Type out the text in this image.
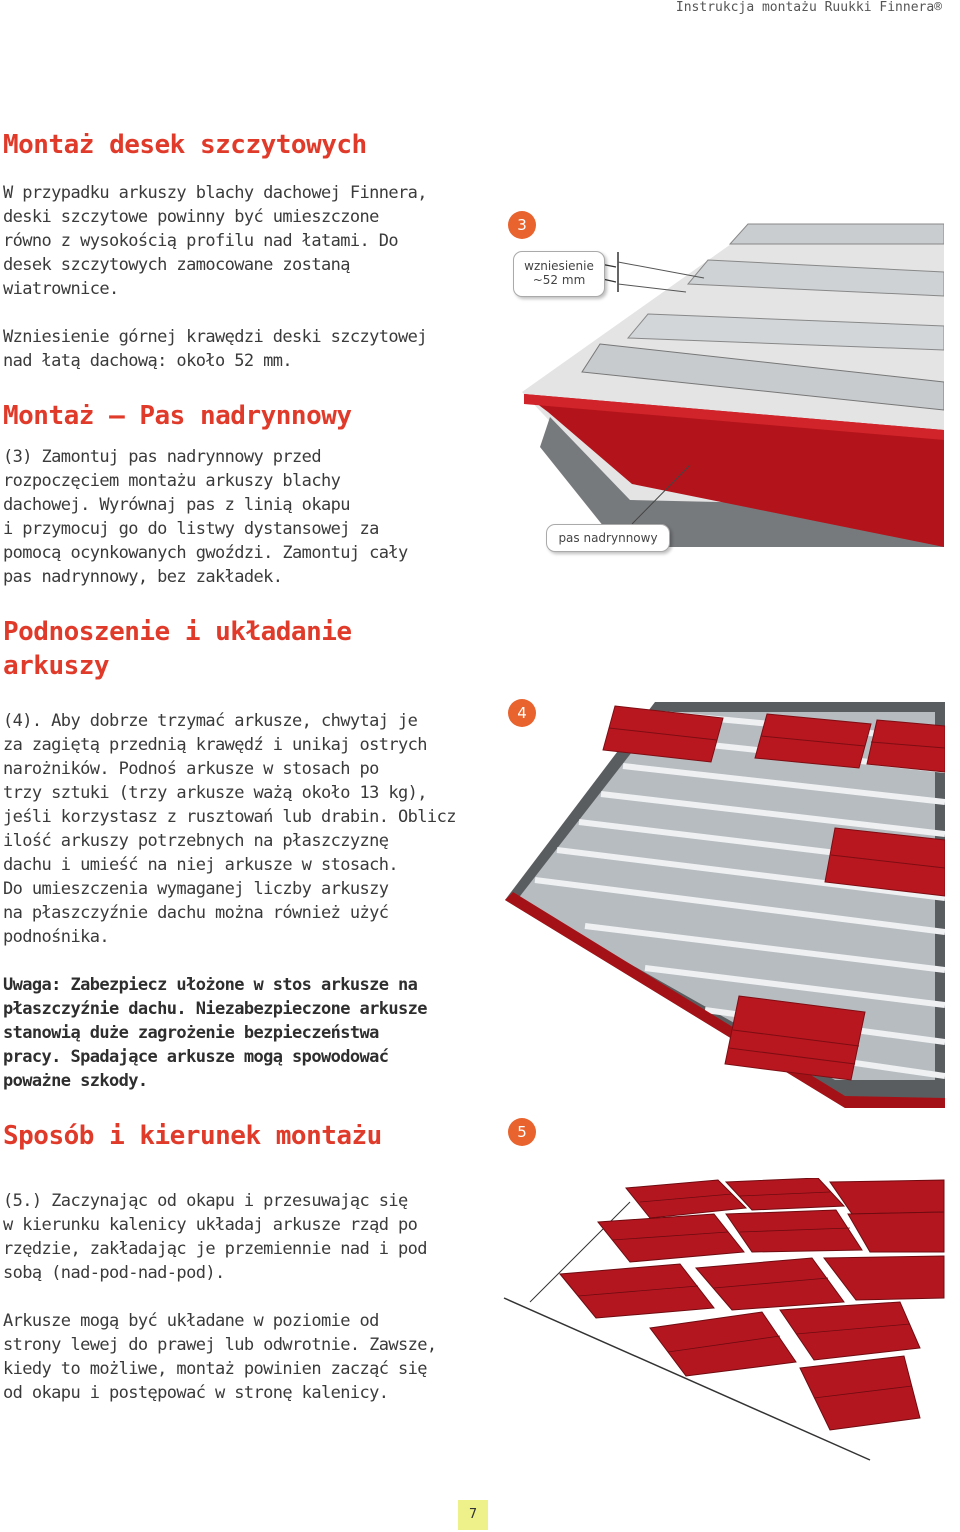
Instrukcja montażu Ruukki Finnera®
Montaż desek szczytowych

W przypadku arkuszy blachy dachowej Finnera,
deski szczytowe powinny być umieszczone
równo z wysokością profilu nad łatami. Do
desek szczytowych zamocowane zostaną
wiatrownice.

Wzniesienie górnej krawędzi deski szczytowej
nad łatą dachową: około 52 mm.

Montaż – Pas nadrynnowy

(3) Zamontuj pas nadrynnowy przed
rozpoczęciem montażu arkuszy blachy
dachowej. Wyrównaj pas z linią okapu
i przymocuj go do listwy dystansowej za
pomocą ocynkowanych gwoździ. Zamontuj cały
pas nadrynnowy, bez zakładek.

Podnoszenie i układanie
arkuszy

(4). Aby dobrze trzymać arkusze, chwytaj je
za zagiętą przednią krawędź i unikaj ostrych
narożników. Podnoś arkusze w stosach po
trzy sztuki (trzy arkusze ważą około 13 kg),
jeśli korzystasz z rusztowań lub drabin. Oblicz
ilość arkuszy potrzebnych na płaszczyznę
dachu i umieść na niej arkusze w stosach.
Do umieszczenia wymaganej liczby arkuszy
na płaszczyźnie dachu można również użyć
podnośnika.

Uwaga: Zabezpiecz ułożone w stos arkusze na
płaszczyźnie dachu. Niezabezpieczone arkusze
stanowią duże zagrożenie bezpieczeństwa
pracy. Spadające arkusze mogą spowodować
poważne szkody.

Sposób i kierunek montażu

(5.) Zaczynając od okapu i przesuwając się
w kierunku kalenicy układaj arkusze rząd po
rzędzie, zakładając je przemiennie nad i pod
sobą (nad-pod-nad-pod).

Arkusze mogą być układane w poziomie od
strony lewej do prawej lub odwrotnie. Zawsze,
kiedy to możliwe, montaż powinien zacząć się
od okapu i postępować w stronę kalenicy.

3
wzniesienie
~52 mm
pas nadrynnowy
4
5
7
